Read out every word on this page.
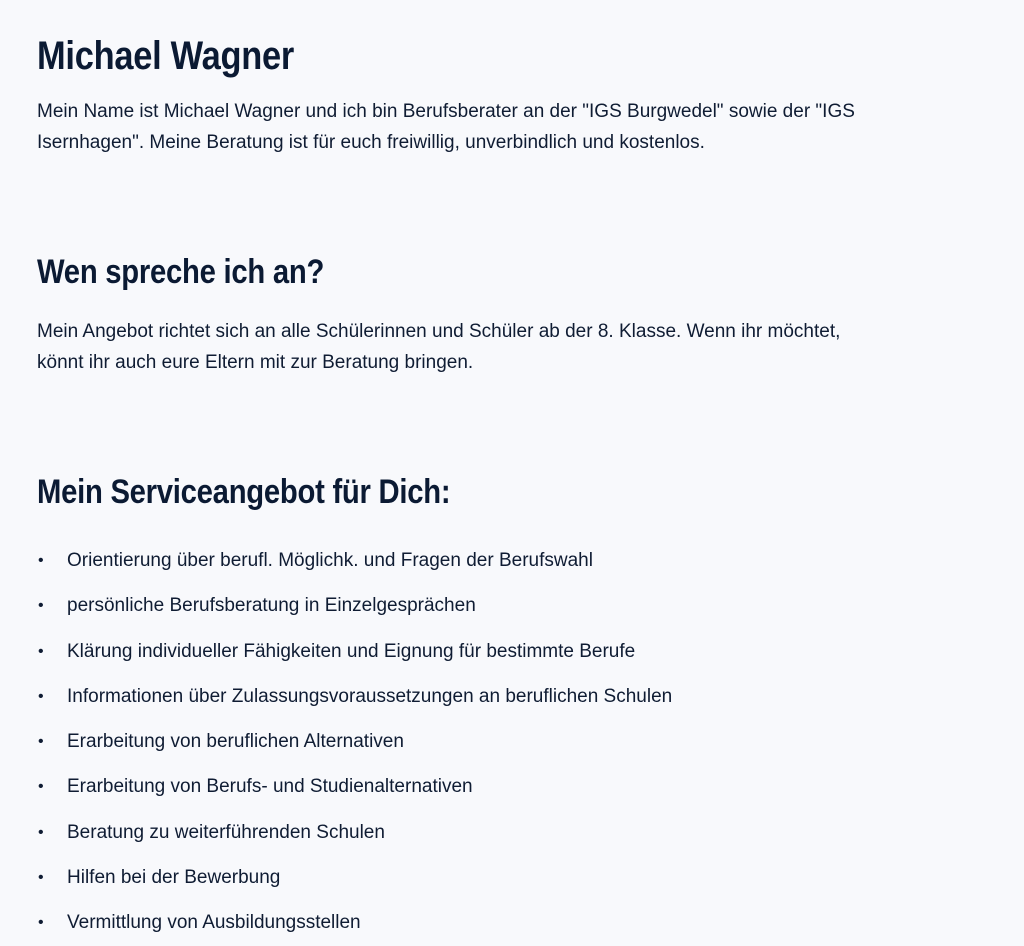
Michael Wagner

Mein Name ist Michael Wagner und ich bin Berufsberater an der "IGS Burgwedel" sowie der "IGS
Isernhagen". Meine Beratung ist für euch freiwillig, unverbindlich und kostenlos.

Wen spreche ich an?

Mein Angebot richtet sich an alle Schülerinnen und Schüler ab der 8. Klasse. Wenn ihr möchtet,
könnt ihr auch eure Eltern mit zur Beratung bringen.

Mein Serviceangebot für Dich:
• Orientierung über berufl. Möglichk. und Fragen der Berufswahl
• persönliche Berufsberatung in Einzelgesprächen
• Klärung individueller Fähigkeiten und Eignung für bestimmte Berufe
• Informationen über Zulassungsvoraussetzungen an beruflichen Schulen
• Erarbeitung von beruflichen Alternativen
• Erarbeitung von Berufs- und Studienalternativen
• Beratung zu weiterführenden Schulen
• Hilfen bei der Bewerbung
• Vermittlung von Ausbildungsstellen
